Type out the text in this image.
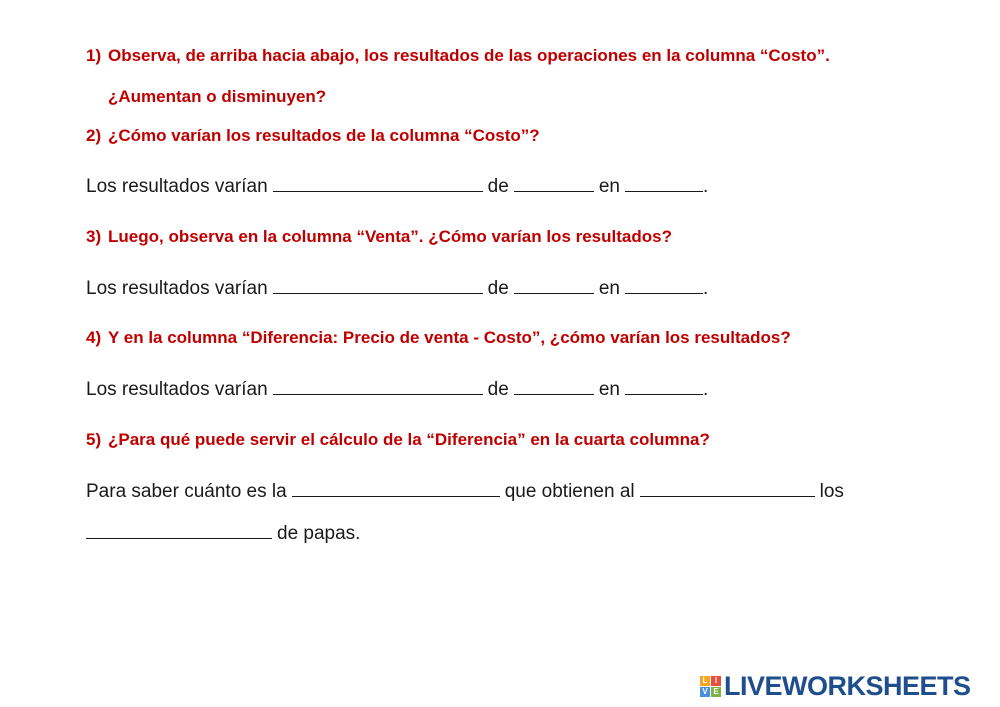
1) Observa, de arriba hacia abajo, los resultados de las operaciones en la columna “Costo”.
¿Aumentan o disminuyen?
2) ¿Cómo varían los resultados de la columna “Costo”?
Los resultados varían	de	en	.
3) Luego, observa en la columna “Venta”. ¿Cómo varían los resultados?
Los resultados varían	de	en	.
4) Y en la columna “Diferencia: Precio de venta - Costo”, ¿cómo varían los resultados?
Los resultados varían	de	en	.
5) ¿Para qué puede servir el cálculo de la “Diferencia” en la cuarta columna?
Para saber cuánto es la	que obtienen al	los
de papas.
L I
V E LIVEWORKSHEETS
